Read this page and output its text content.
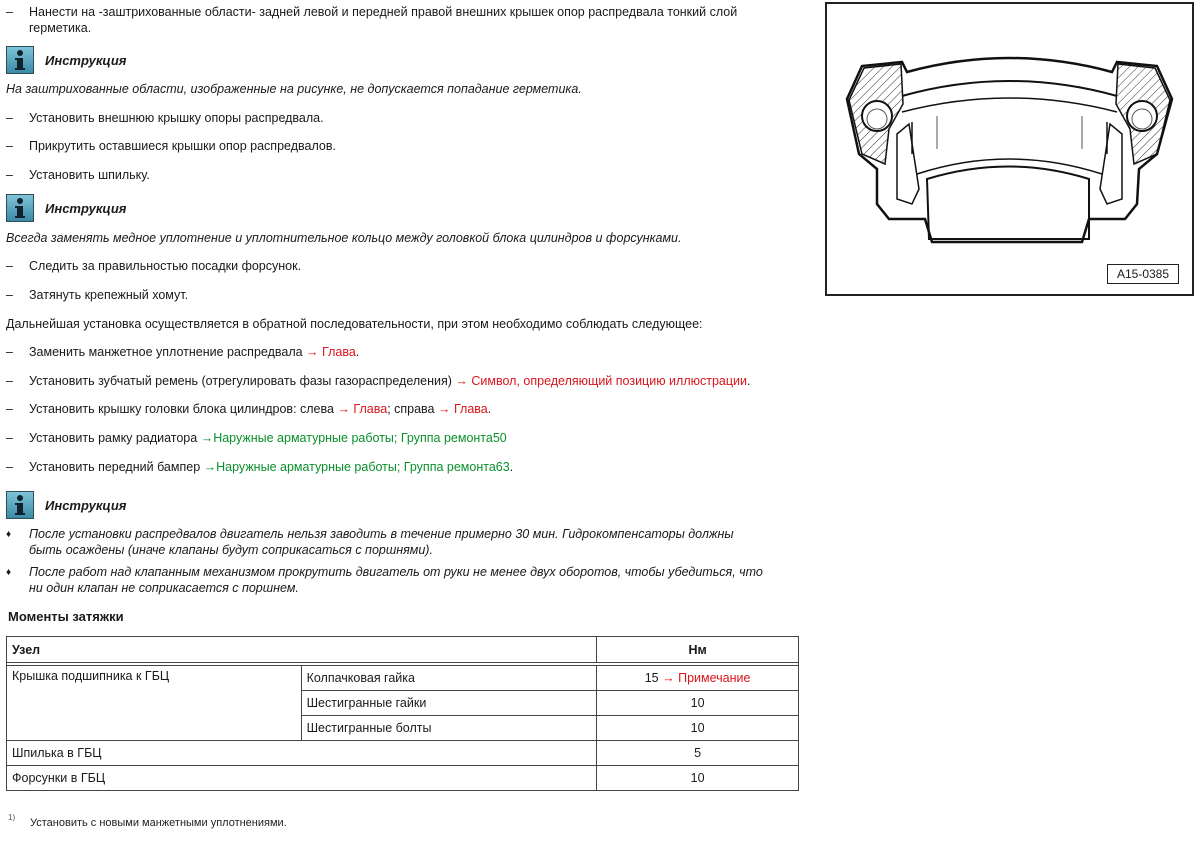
–	Нанести на -заштрихованные области- задней левой и передней правой внешних крышек опор распредвала тонкий слой
герметика.
Инструкция
На заштрихованные области, изображенные на рисунке, не допускается попадание герметика.
–	Установить внешнюю крышку опоры распредвала.
–	Прикрутить оставшиеся крышки опор распредвалов.
–	Установить шпильку.
Инструкция
Всегда заменять медное уплотнение и уплотнительное кольцо между головкой блока цилиндров и форсунками.
–	Следить за правильностью посадки форсунок.
–	Затянуть крепежный хомут.
Дальнейшая установка осуществляется в обратной последовательности, при этом необходимо соблюдать следующее:
–	Заменить манжетное уплотнение распредвала → Глава.
–	Установить зубчатый ремень (отрегулировать фазы газораспределения) → Символ, определяющий позицию иллюстрации.
–	Установить крышку головки блока цилиндров: слева → Глава; справа → Глава.
–	Установить рамку радиатора →Наружные арматурные работы; Группа ремонта50
–	Установить передний бампер →Наружные арматурные работы; Группа ремонта63.
Инструкция
♦ После установки распредвалов двигатель нельзя заводить в течение примерно 30 мин. Гидрокомпенсаторы должны
быть осаждены (иначе клапаны будут соприкасаться с поршнями).
♦ После работ над клапанным механизмом прокрутить двигатель от руки не менее двух оборотов, чтобы убедиться, что
ни один клапан не соприкасается с поршнем.
Моменты затяжки
Узел		Нм

Крышка подшипника к ГБЦ	Колпачковая гайка	15 → Примечание
	Шестигранные гайки	10
	Шестигранные болты	10
Шпилька в ГБЦ		5
Форсунки в ГБЦ		10
1) Установить с новыми манжетными уплотнениями.
A15-0385
